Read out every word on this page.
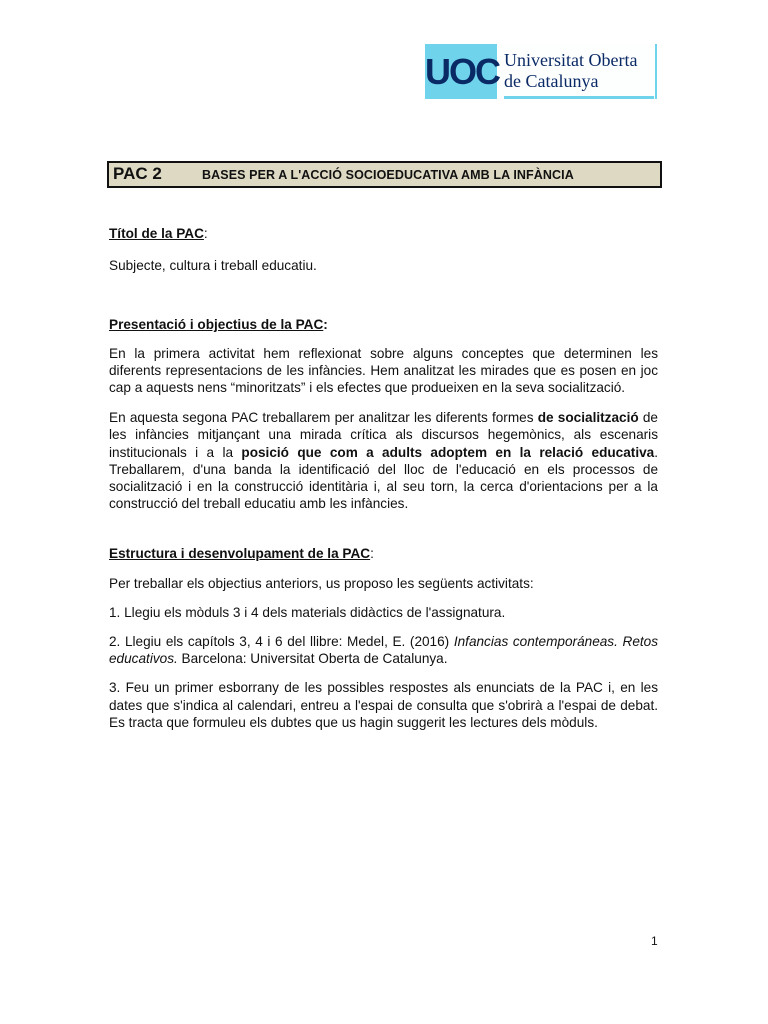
UOC Universitat Oberta
de Catalunya
PAC 2	BASES PER A L'ACCIÓ SOCIOEDUCATIVA AMB LA INFÀNCIA

Títol de la PAC:

Subjecte, cultura i treball educatiu.

Presentació i objectius de la PAC:

En la primera activitat hem reflexionat sobre alguns conceptes que determinen les diferents representacions de les infàncies. Hem analitzat les mirades que es posen en joc cap a aquests nens “minoritzats” i els efectes que produeixen en la seva socialització.

En aquesta segona PAC treballarem per analitzar les diferents formes de socialització de les infàncies mitjançant una mirada crítica als discursos hegemònics, als escenaris institucionals i a la posició que com a adults adoptem en la relació educativa. Treballarem, d'una banda la identificació del lloc de l'educació en els processos de socialització i en la construcció identitària i, al seu torn, la cerca d'orientacions per a la construcció del treball educatiu amb les infàncies.

Estructura i desenvolupament de la PAC:

Per treballar els objectius anteriors, us proposo les següents activitats:

1. Llegiu els mòduls 3 i 4 dels materials didàctics de l'assignatura.

2. Llegiu els capítols 3, 4 i 6 del llibre: Medel, E. (2016) Infancias contemporáneas. Retos educativos. Barcelona: Universitat Oberta de Catalunya.

3. Feu un primer esborrany de les possibles respostes als enunciats de la PAC i, en les dates que s'indica al calendari, entreu a l'espai de consulta que s'obrirà a l'espai de debat. Es tracta que formuleu els dubtes que us hagin suggerit les lectures dels mòduls.

1
